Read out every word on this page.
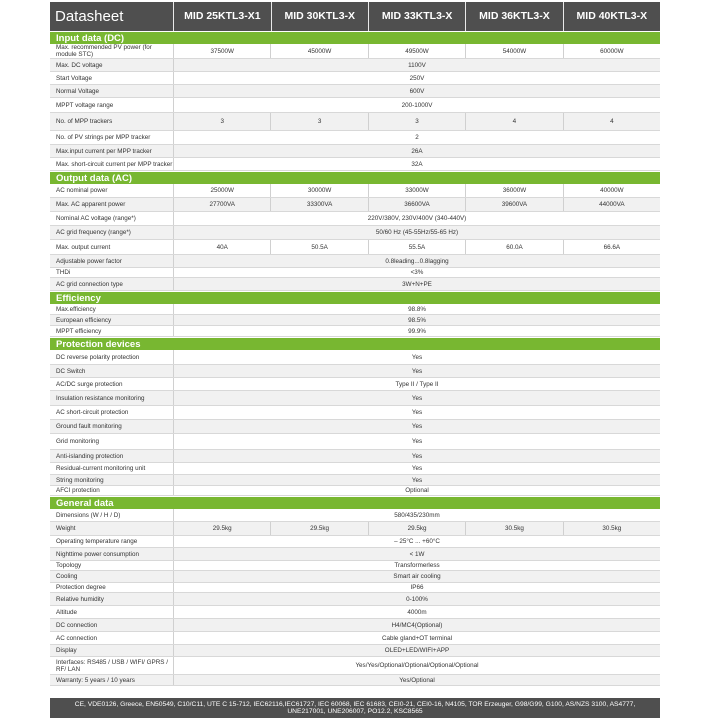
Datasheet	MID 25KTL3-X1	MID 30KTL3-X	MID 33KTL3-X	MID 36KTL3-X	MID 40KTL3-X
Input data (DC)
Max. recommended PV power (for module STC)	37500W	45000W	49500W	54000W	60000W
Max. DC voltage	1100V
Start Voltage	250V
Normal Voltage	600V
MPPT voltage range	200-1000V
No. of MPP trackers	3	3	3	4	4
No. of PV strings per MPP tracker	2
Max.input current per MPP tracker	26A
Max. short-circuit current per MPP tracker	32A
Output data (AC)
AC nominal power	25000W	30000W	33000W	36000W	40000W
Max. AC apparent power	27700VA	33300VA	36600VA	39600VA	44000VA
Nominal AC voltage (range*)	220V/380V, 230V/400V (340-440V)
AC grid frequency (range*)	50/60 Hz (45-55Hz/55-65 Hz)
Max. output current	40A	50.5A	55.5A	60.0A	66.6A
Adjustable power factor	0.8leading...0.8lagging
THDi	<3%
AC grid connection type	3W+N+PE
Efficiency
Max.efficiency	98.8%
European efficiency	98.5%
MPPT efficiency	99.9%
Protection devices
DC reverse polarity protection	Yes
DC Switch	Yes
AC/DC surge protection	Type II / Type II
Insulation resistance monitoring	Yes
AC short-circuit protection	Yes
Ground fault monitoring	Yes
Grid monitoring	Yes
Anti-islanding protection	Yes
Residual-current monitoring unit	Yes
String monitoring	Yes
AFCI protection	Optional
General data
Dimensions (W / H / D)	580/435/230mm
Weight	29.5kg	29.5kg	29.5kg	30.5kg	30.5kg
Operating temperature range	– 25°C ... +60°C
Nighttime power consumption	< 1W
Topology	Transformerless
Cooling	Smart air cooling
Protection degree	IP66
Relative humidity	0-100%
Altitude	4000m
DC connection	H4/MC4(Optional)
AC connection	Cable gland+OT terminal
Display	OLED+LED/WIFI+APP
Interfaces: RS485 / USB / WIFI/ GPRS / RF/ LAN	Yes/Yes/Optional/Optional/Optional/Optional
Warranty: 5 years / 10 years	Yes/Optional
CE, VDE0126, Greece, EN50549, C10/C11, UTE C 15-712, IEC62116,IEC61727, IEC 60068, IEC 61683, CEI0-21, CEI0-16, N4105, TOR Erzeuger, G98/G99, G100, AS/NZS 3100, AS4777, UNE217001, UNE206007, PO12.2, KSC8565
